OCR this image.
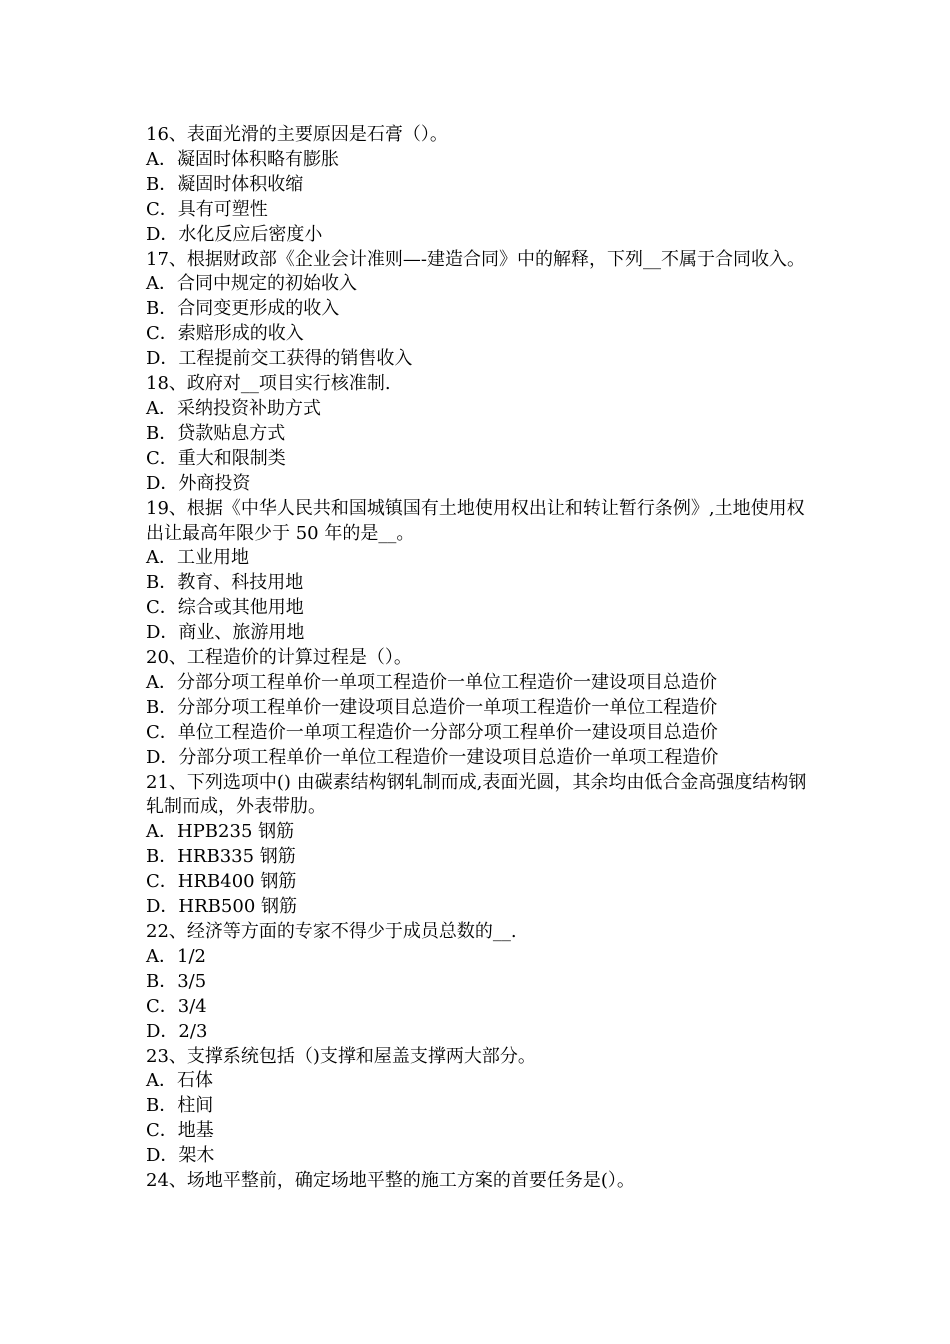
16、表面光滑的主要原因是石膏（）。
A．凝固时体积略有膨胀
B．凝固时体积收缩
C．具有可塑性
D．水化反应后密度小
17、根据财政部《企业会计准则—-建造合同》中的解释，下列__不属于合同收入。
A．合同中规定的初始收入
B．合同变更形成的收入
C．索赔形成的收入
D．工程提前交工获得的销售收入
18、政府对__项目实行核准制.
A．采纳投资补助方式
B．贷款贴息方式
C．重大和限制类
D．外商投资
19、根据《中华人民共和国城镇国有土地使用权出让和转让暂行条例》,土地使用权出让最高年限少于 50 年的是__。
A．工业用地
B．教育、科技用地
C．综合或其他用地
D．商业、旅游用地
20、工程造价的计算过程是（）。
A．分部分项工程单价一单项工程造价一单位工程造价一建设项目总造价
B．分部分项工程单价一建设项目总造价一单项工程造价一单位工程造价
C．单位工程造价一单项工程造价一分部分项工程单价一建设项目总造价
D．分部分项工程单价一单位工程造价一建设项目总造价一单项工程造价
21、下列选项中() 由碳素结构钢轧制而成,表面光圆，其余均由低合金高强度结构钢轧制而成，外表带肋。
A．HPB235 钢筋
B．HRB335 钢筋
C．HRB400 钢筋
D．HRB500 钢筋
22、经济等方面的专家不得少于成员总数的__.
A．1/2
B．3/5
C．3/4
D．2/3
23、支撑系统包括（)支撑和屋盖支撑两大部分。
A．石体
B．柱间
C．地基
D．架木
24、场地平整前，确定场地平整的施工方案的首要任务是(）。
